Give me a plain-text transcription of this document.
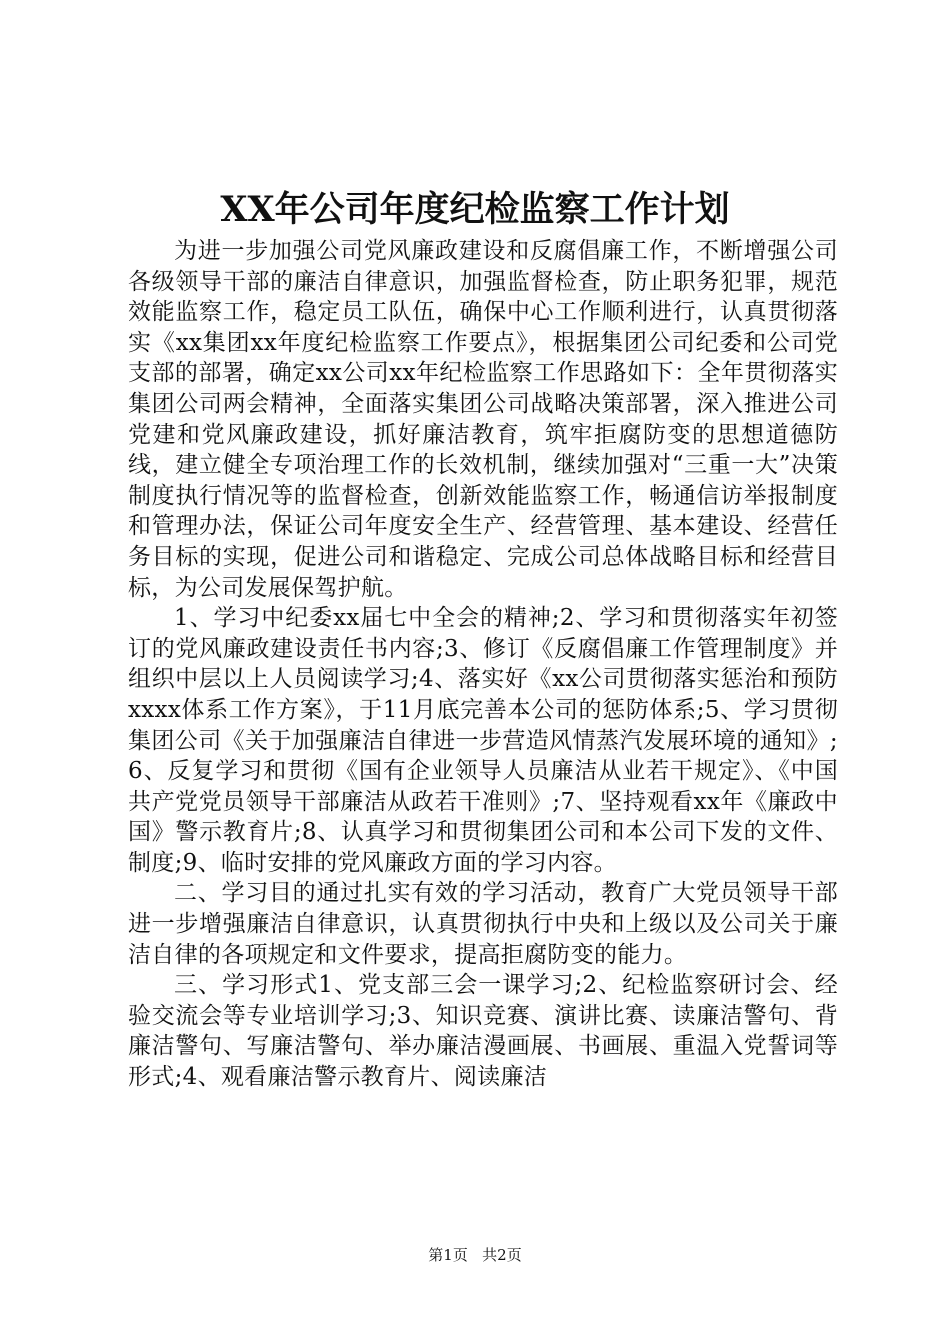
XX年公司年度纪检监察工作计划

为进一步加强公司党风廉政建设和反腐倡廉工作，不断增强公司各级领导干部的廉洁自律意识，加强监督检查，防止职务犯罪，规范效能监察工作，稳定员工队伍，确保中心工作顺利进行，认真贯彻落实《xx集团xx年度纪检监察工作要点》，根据集团公司纪委和公司党支部的部署，确定xx公司xx年纪检监察工作思路如下：全年贯彻落实集团公司两会精神，全面落实集团公司战略决策部署，深入推进公司党建和党风廉政建设，抓好廉洁教育，筑牢拒腐防变的思想道德防线，建立健全专项治理工作的长效机制，继续加强对“三重一大”决策制度执行情况等的监督检查，创新效能监察工作，畅通信访举报制度和管理办法，保证公司年度安全生产、经营管理、基本建设、经营任务目标的实现，促进公司和谐稳定、完成公司总体战略目标和经营目标，为公司发展保驾护航。

1、学习中纪委xx届七中全会的精神;2、学习和贯彻落实年初签订的党风廉政建设责任书内容;3、修订《反腐倡廉工作管理制度》并组织中层以上人员阅读学习;4、落实好《xx公司贯彻落实惩治和预防xxxx体系工作方案》，于11月底完善本公司的惩防体系;5、学习贯彻集团公司《关于加强廉洁自律进一步营造风情蒸汽发展环境的通知》;6、反复学习和贯彻《国有企业领导人员廉洁从业若干规定》、《中国共产党党员领导干部廉洁从政若干准则》;7、坚持观看xx年《廉政中国》警示教育片;8、认真学习和贯彻集团公司和本公司下发的文件、制度;9、临时安排的党风廉政方面的学习内容。

二、学习目的通过扎实有效的学习活动，教育广大党员领导干部进一步增强廉洁自律意识，认真贯彻执行中央和上级以及公司关于廉洁自律的各项规定和文件要求，提高拒腐防变的能力。

三、学习形式1、党支部三会一课学习;2、纪检监察研讨会、经验交流会等专业培训学习;3、知识竞赛、演讲比赛、读廉洁警句、背廉洁警句、写廉洁警句、举办廉洁漫画展、书画展、重温入党誓词等形式;4、观看廉洁警示教育片、阅读廉洁

第1页 共2页
